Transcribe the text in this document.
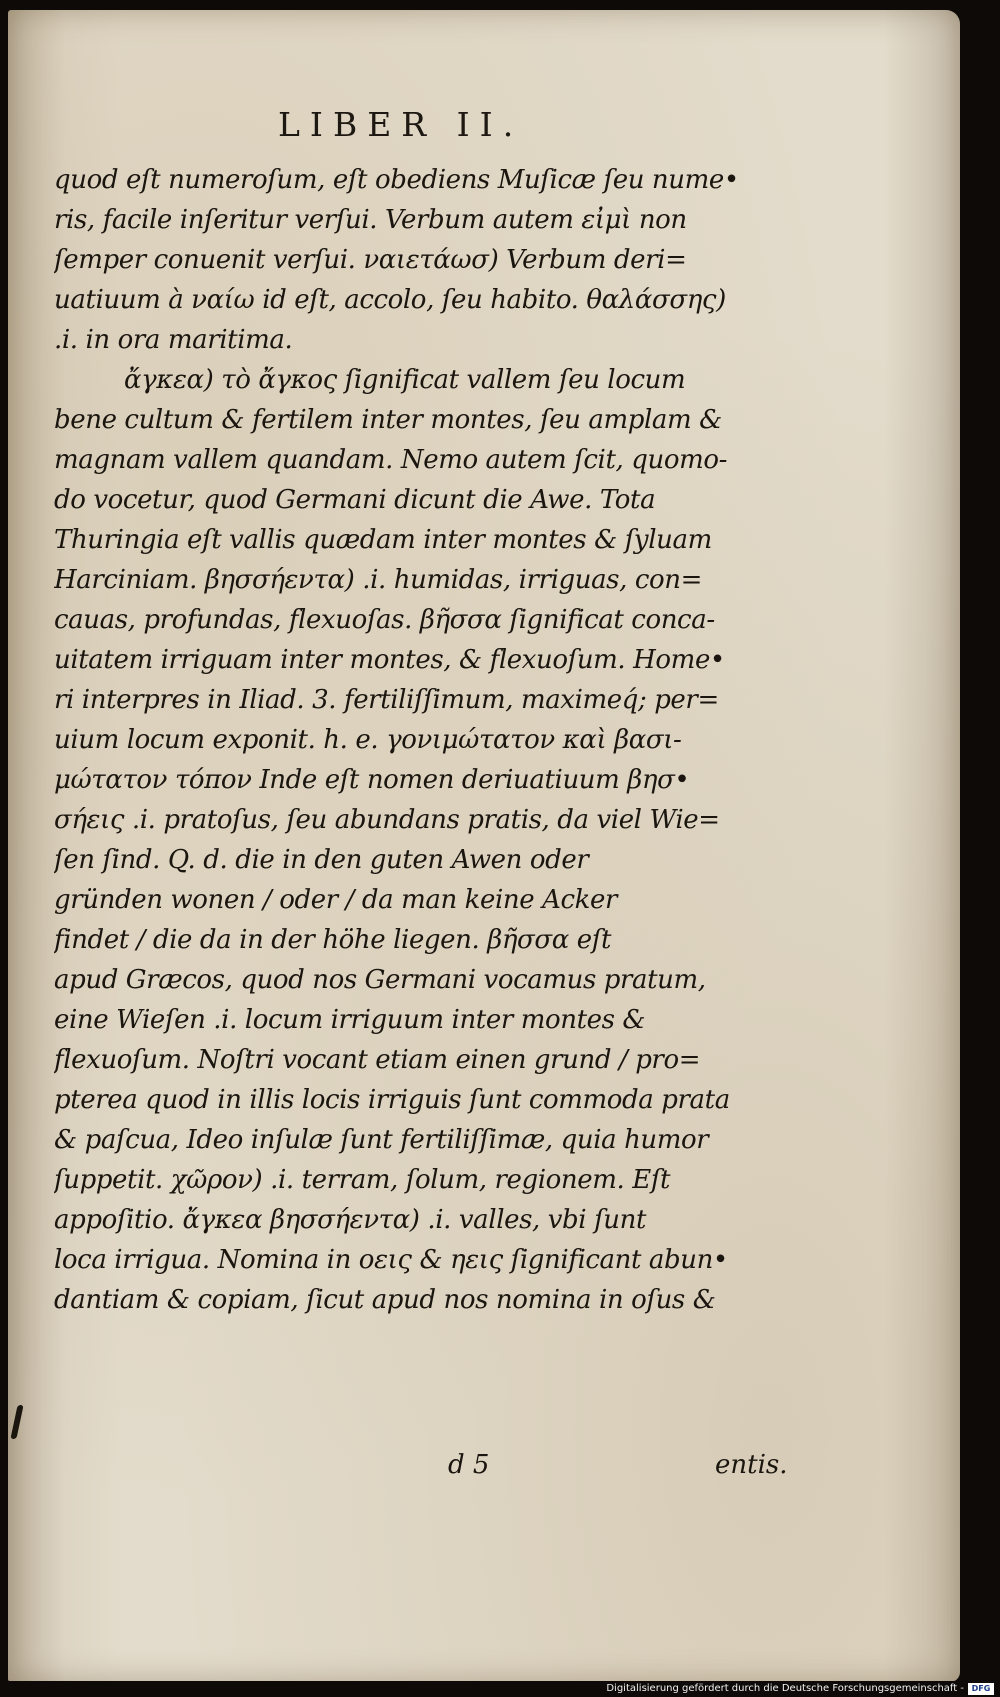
LIBER II.
quod eſt numeroſum, eſt obediens Muſicæ ſeu nume•
ris, facile inſeritur verſui. Verbum autem εἰμὶ non
ſemper conuenit verſui. ναιετάωσ) Verbum deri=
uatiuum à ναίω id eſt, accolo, ſeu habito. θαλάσσης)
.i. in ora maritima.
ἄγκεα) τὸ ἄγκος ſignificat vallem ſeu locum
bene cultum & fertilem inter montes, ſeu amplam &
magnam vallem quandam. Nemo autem ſcit, quomo-
do vocetur, quod Germani dicunt die Awe. Tota
Thuringia eſt vallis quædam inter montes & ſyluam
Harciniam. βησσήεντα) .i. humidas, irriguas, con=
cauas, profundas, flexuoſas. βῆσσα ſignificat conca-
uitatem irriguam inter montes, & flexuoſum. Home•
ri interpres in Iliad. 3. fertiliſſimum, maximeq́; per=
uium locum exponit. h. e. γονιμώτατον καὶ βασι-
μώτατον τόπον Inde eſt nomen deriuatiuum βησ•
σήεις .i. pratoſus, ſeu abundans pratis, da viel Wie=
ſen ſind. Q. d. die in den guten Awen oder
gründen wonen / oder / da man keine Acker
findet / die da in der höhe liegen. βῆσσα eſt
apud Græcos, quod nos Germani vocamus pratum,
eine Wieſen .i. locum irriguum inter montes &
flexuoſum. Noſtri vocant etiam einen grund / pro=
pterea quod in illis locis irriguis ſunt commoda prata
& paſcua, Ideo inſulæ ſunt fertiliſſimæ, quia humor
ſuppetit. χῶρον) .i. terram, ſolum, regionem. Eſt
appoſitio. ἄγκεα βησσήεντα) .i. valles, vbi ſunt
loca irrigua. Nomina in οεις & ηεις ſignificant abun•
dantiam & copiam, ſicut apud nos nomina in oſus &
d 5	entis.
Digitalisierung gefördert durch die Deutsche Forschungsgemeinschaft - DFG
